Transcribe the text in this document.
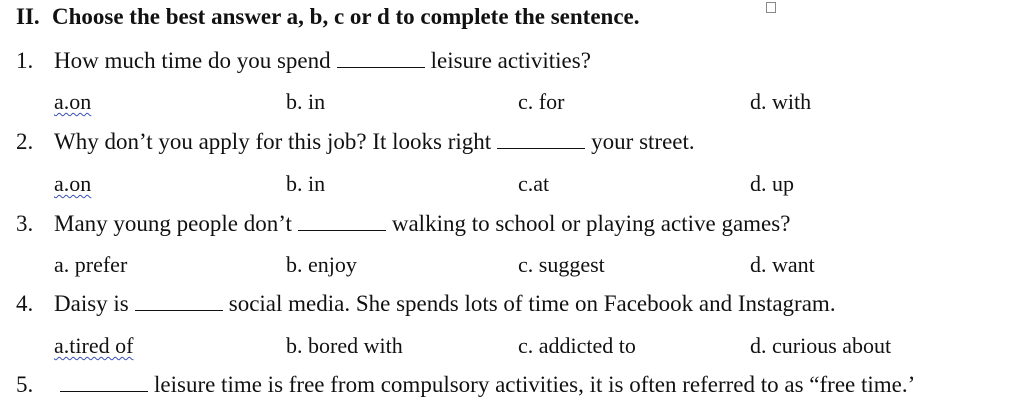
II. Choose the best answer a, b, c or d to complete the sentence.
1. How much time do you spend	leisure activities?
a.on	b. in	c. for	d. with
2. Why don’t you apply for this job? It looks right	your street.
a.on	b. in	c.at	d. up
3. Many young people don’t	walking to school or playing active games?
a. prefer	b. enjoy	c. suggest	d. want
4. Daisy is	social media. She spends lots of time on Facebook and Instagram.
a.tired of	b. bored with	c. addicted to	d. curious about
5.	leisure time is free from compulsory activities, it is often referred to as “free time.’
